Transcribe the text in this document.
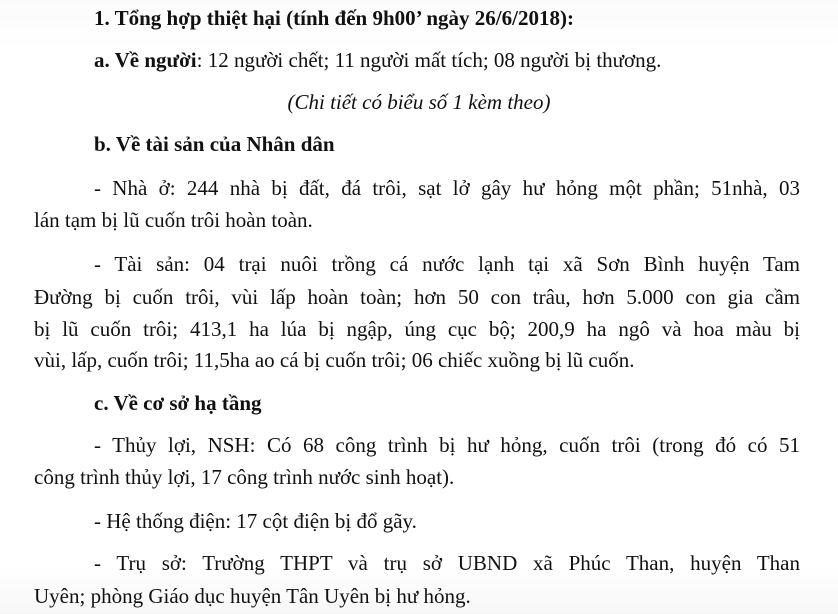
1. Tổng hợp thiệt hại (tính đến 9h00’ ngày 26/6/2018):
a. Về người: 12 người chết; 11 người mất tích; 08 người bị thương.
(Chi tiết có biểu số 1 kèm theo)
b. Về tài sản của Nhân dân
- Nhà ở: 244 nhà bị đất, đá trôi, sạt lở gây hư hỏng một phần; 51nhà, 03
lán tạm bị lũ cuốn trôi hoàn toàn.
- Tài sản: 04 trại nuôi trồng cá nước lạnh tại xã Sơn Bình huyện Tam
Đường bị cuốn trôi, vùi lấp hoàn toàn; hơn 50 con trâu, hơn 5.000 con gia cầm
bị lũ cuốn trôi; 413,1 ha lúa bị ngập, úng cục bộ; 200,9 ha ngô và hoa màu bị
vùi, lấp, cuốn trôi; 11,5ha ao cá bị cuốn trôi; 06 chiếc xuồng bị lũ cuốn.
c. Về cơ sở hạ tầng
- Thủy lợi, NSH: Có 68 công trình bị hư hỏng, cuốn trôi (trong đó có 51
công trình thủy lợi, 17 công trình nước sinh hoạt).
- Hệ thống điện: 17 cột điện bị đổ gãy.
- Trụ sở: Trường THPT và trụ sở UBND xã Phúc Than, huyện Than
Uyên; phòng Giáo dục huyện Tân Uyên bị hư hỏng.
